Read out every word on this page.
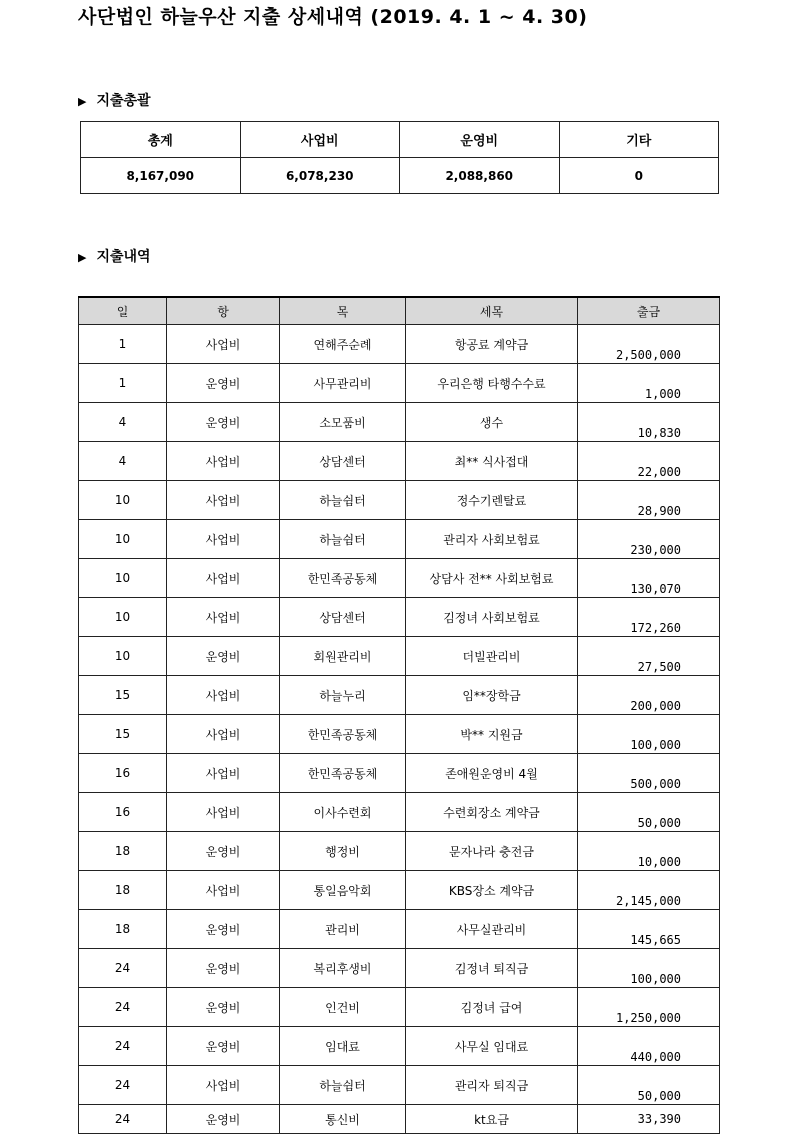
사단법인 하늘우산 지출 상세내역 (2019. 4. 1 ~ 4. 30)
▶ 지출총괄
총계	사업비	운영비	기타
8,167,090	6,078,230	2,088,860	0
▶ 지출내역
일	항	목	세목	출금
1	사업비	연해주순례	항공료 계약금	2,500,000
1	운영비	사무관리비	우리은행 타행수수료	1,000
4	운영비	소모품비	생수	10,830
4	사업비	상담센터	최** 식사접대	22,000
10	사업비	하늘쉼터	정수기렌탈료	28,900
10	사업비	하늘쉼터	관리자 사회보험료	230,000
10	사업비	한민족공동체	상담사 전** 사회보험료	130,070
10	사업비	상담센터	김정녀 사회보험료	172,260
10	운영비	회원관리비	더빌관리비	27,500
15	사업비	하늘누리	임**장학금	200,000
15	사업비	한민족공동체	박** 지원금	100,000
16	사업비	한민족공동체	존애원운영비 4월	500,000
16	사업비	이사수련회	수련회장소 계약금	50,000
18	운영비	행정비	문자나라 충전금	10,000
18	사업비	통일음악회	KBS장소 계약금	2,145,000
18	운영비	관리비	사무실관리비	145,665
24	운영비	복리후생비	김정녀 퇴직금	100,000
24	운영비	인건비	김정녀 급여	1,250,000
24	운영비	임대료	사무실 임대료	440,000
24	사업비	하늘쉼터	관리자 퇴직금	50,000
24	운영비	통신비	kt요금	33,390
